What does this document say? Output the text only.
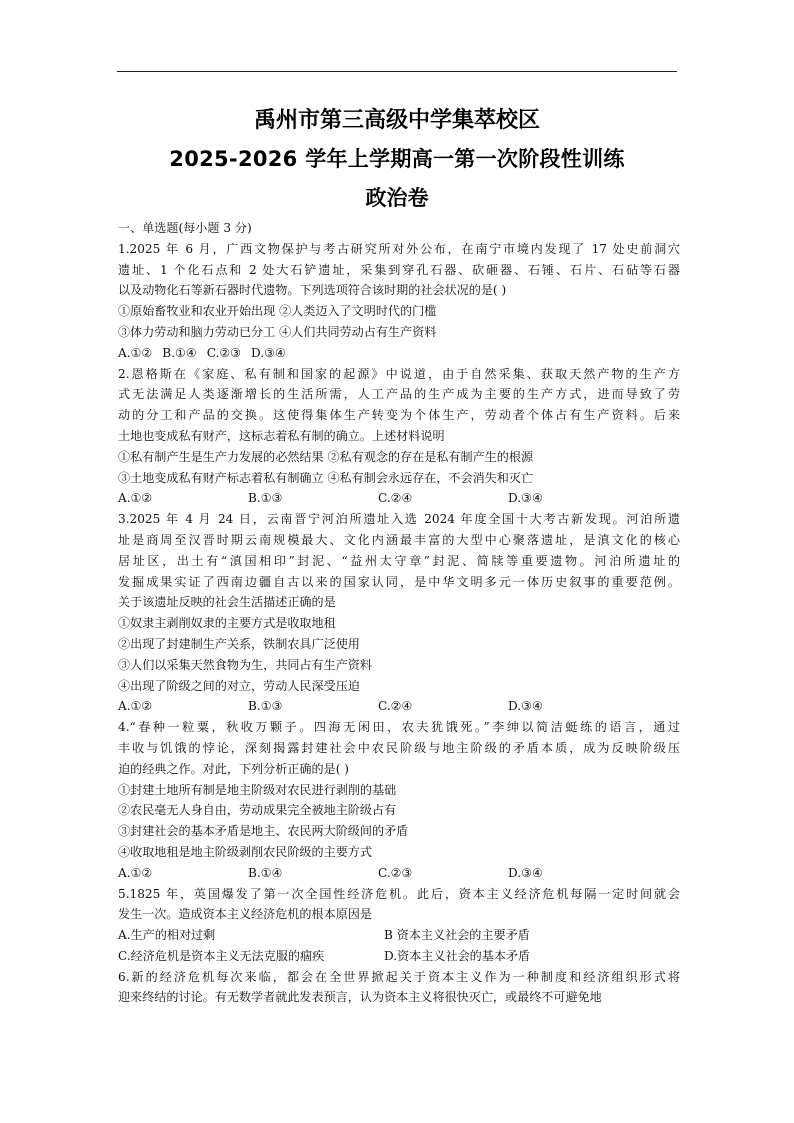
禹州市第三高级中学集萃校区

2025-2026 学年上学期高一第一次阶段性训练

政治卷

一、单选题(每小题 3 分)
1.2025 年 6 月，广西文物保护与考古研究所对外公布，在南宁市境内发现了 17 处史前洞穴
遗址、1 个化石点和 2 处大石铲遗址，采集到穿孔石器、砍砸器、石锤、石片、石砧等石器
以及动物化石等新石器时代遗物。下列选项符合该时期的社会状况的是( )
①原始畜牧业和农业开始出现 ②人类迈入了文明时代的门槛
③体力劳动和脑力劳动已分工 ④人们共同劳动占有生产资料
A.①② B.①④ C.②③ D.③④
2.恩格斯在《家庭、私有制和国家的起源》中说道，由于自然采集、获取天然产物的生产方
式无法满足人类逐渐增长的生活所需，人工产品的生产成为主要的生产方式，进而导致了劳
动的分工和产品的交换。这使得集体生产转变为个体生产，劳动者个体占有生产资料。后来
土地也变成私有财产，这标志着私有制的确立。上述材料说明
①私有制产生是生产力发展的必然结果 ②私有观念的存在是私有制产生的根源
③土地变成私有财产标志着私有制确立 ④私有制会永远存在，不会消失和灭亡
A.①②	B.①③	C.②④	D.③④
3.2025 年 4 月 24 日，云南晋宁河泊所遗址入选 2024 年度全国十大考古新发现。河泊所遗
址是商周至汉晋时期云南规模最大、文化内涵最丰富的大型中心聚落遗址，是滇文化的核心
居址区，出土有“滇国相印”封泥、“益州太守章”封泥、简牍等重要遗物。河泊所遗址的
发掘成果实证了西南边疆自古以来的国家认同，是中华文明多元一体历史叙事的重要范例。
关于该遗址反映的社会生活描述正确的是
①奴隶主剥削奴隶的主要方式是收取地租
②出现了封建制生产关系，铁制农具广泛使用
③人们以采集天然食物为生，共同占有生产资料
④出现了阶级之间的对立，劳动人民深受压迫
A.①②	B.①③	C.②④	D.③④
4.“春种一粒粟，秋收万颗子。四海无闲田，农夫犹饿死。”李绅以简洁蜓练的语言，通过
丰收与饥饿的悖论，深刻揭露封建社会中农民阶级与地主阶级的矛盾本质，成为反映阶级压
迫的经典之作。对此，下列分析正确的是( )
①封建土地所有制是地主阶级对农民进行剥削的基础
②农民毫无人身自由，劳动成果完全被地主阶级占有
③封建社会的基本矛盾是地主、农民两大阶级间的矛盾
④收取地租是地主阶级剥削农民阶级的主要方式
A.①②	B.①④	C.②③	D.③④
5.1825 年，英国爆发了第一次全国性经济危机。此后，资本主义经济危机每隔一定时间就会
发生一次。造成资本主义经济危机的根本原因是
A.生产的相对过剩	B 资本主义社会的主要矛盾
C.经济危机是资本主义无法克服的痼疾	D.资本主义社会的基本矛盾
6.新的经济危机每次来临，都会在全世界掀起关于资本主义作为一种制度和经济组织形式将
迎来终结的讨论。有无数学者就此发表预言，认为资本主义将很快灭亡，或最终不可避免地
